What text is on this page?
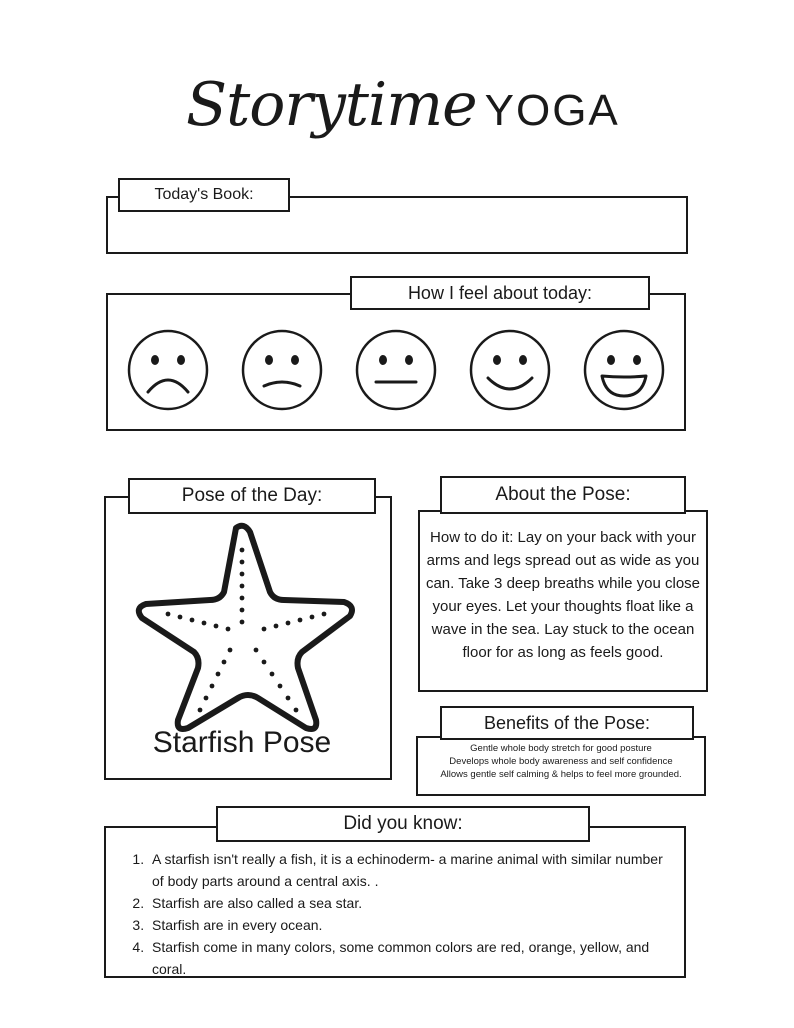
Storytime YOGA
Today's Book:
How I feel about today:
Pose of the Day:
Starfish Pose
About the Pose:
How to do it: Lay on your back with your arms and legs spread out as wide as you can. Take 3 deep breaths while you close your eyes. Let your thoughts float like a wave in the sea. Lay stuck to the ocean floor for as long as feels good.
Benefits of the Pose:
Gentle whole body stretch for good posture
Develops whole body awareness and self confidence
Allows gentle self calming & helps to feel more grounded.
Did you know:
1. A starfish isn't really a fish, it is a echinoderm- a marine animal with similar number of body parts around a central axis. .
2. Starfish are also called a sea star.
3. Starfish are in every ocean.
4. Starfish come in many colors, some common colors are red, orange, yellow, and coral.
